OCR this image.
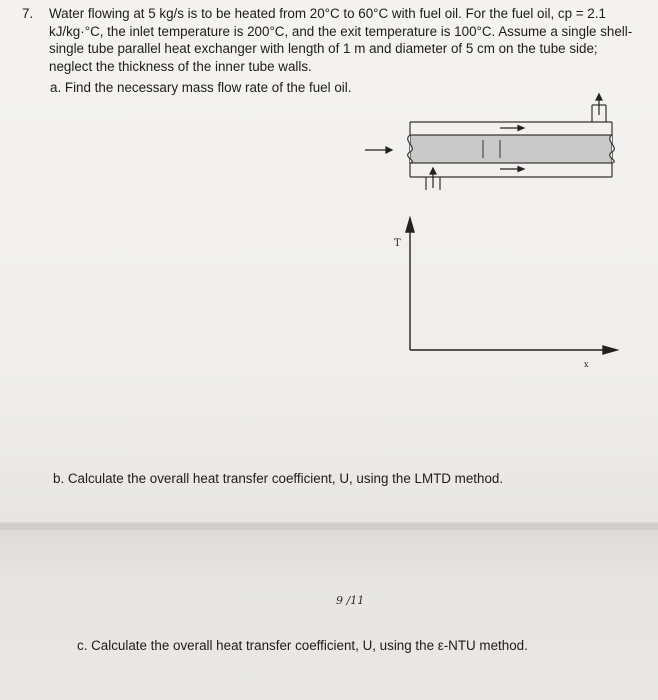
7. Water flowing at 5 kg/s is to be heated from 20°C to 60°C with fuel oil. For the fuel oil, cp = 2.1 kJ/kg·°C, the inlet temperature is 200°C, and the exit temperature is 100°C. Assume a single shell-single tube parallel heat exchanger with length of 1 m and diameter of 5 cm on the tube side; neglect the thickness of the inner tube walls.
a. Find the necessary mass flow rate of the fuel oil.
T
x
b. Calculate the overall heat transfer coefficient, U, using the LMTD method.
9 /11
c. Calculate the overall heat transfer coefficient, U, using the ε-NTU method.
